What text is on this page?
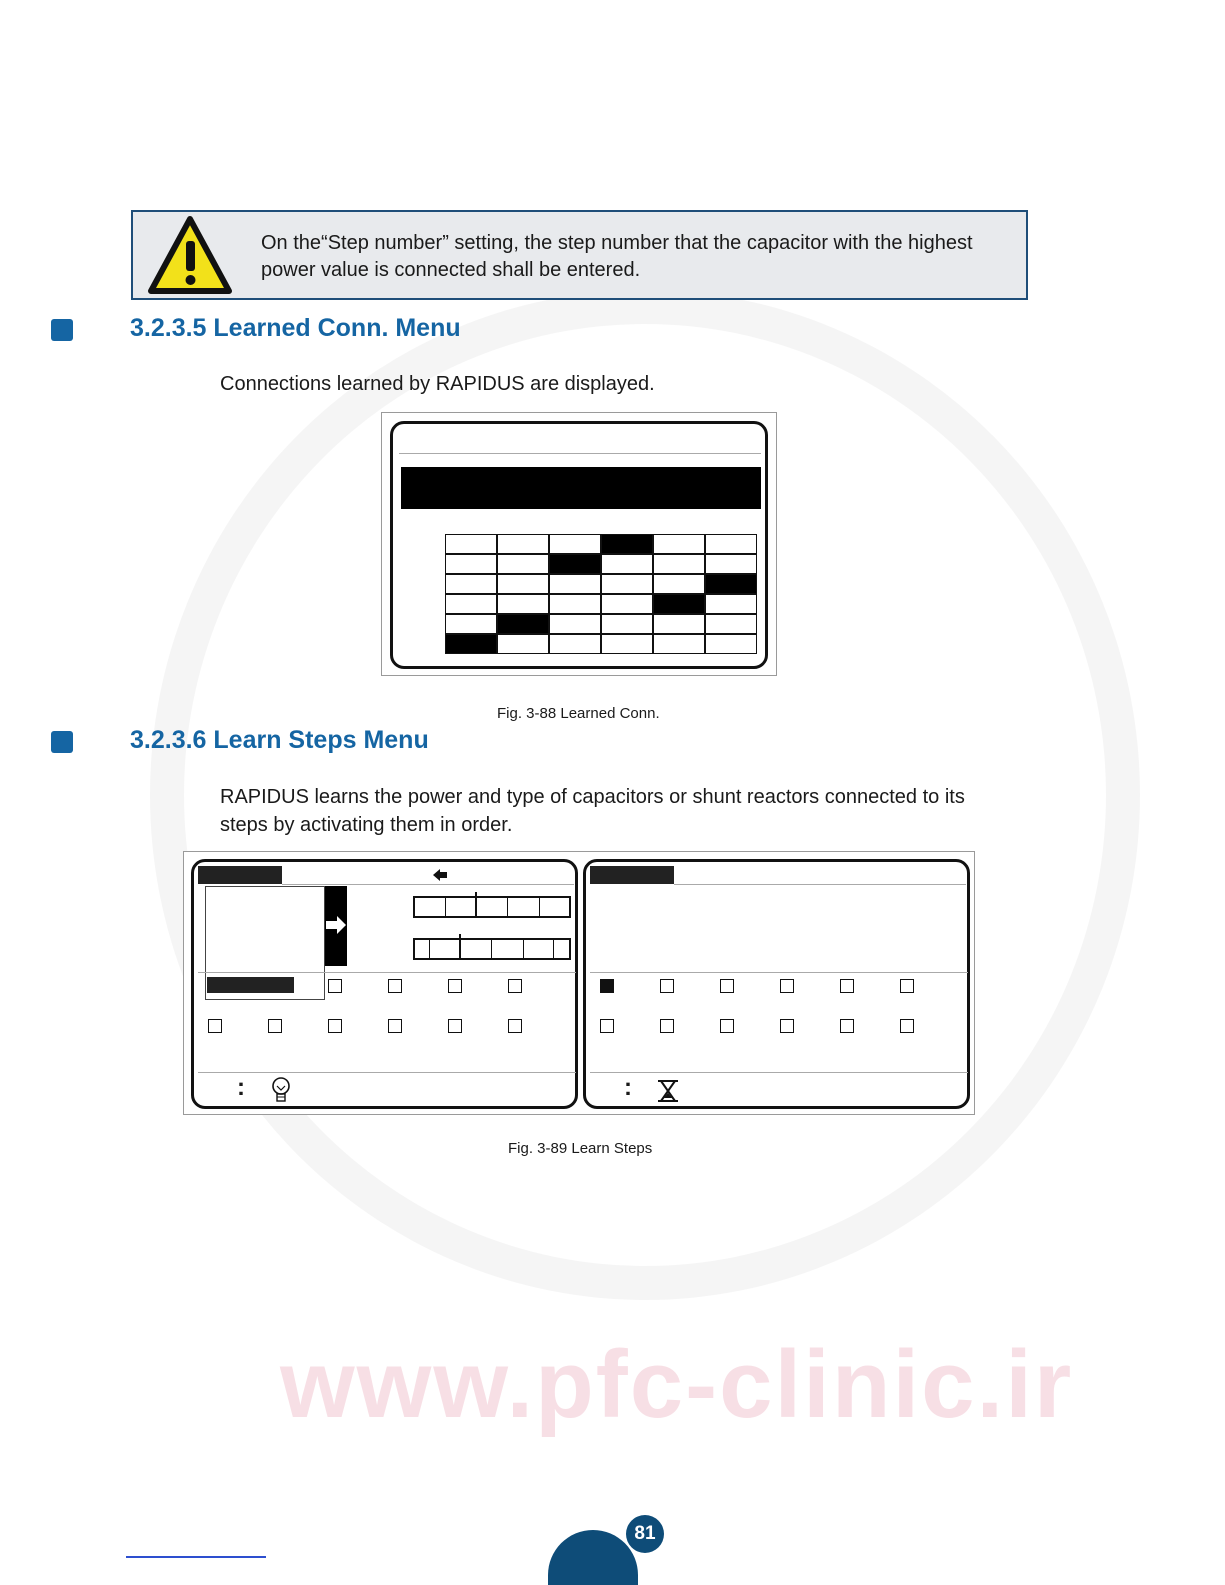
www.pfc-clinic.ir
On the“Step number” setting, the step number that the capacitor with the highest power value is connected shall be entered.
3.2.3.5 Learned Conn. Menu
Connections learned by RAPIDUS are displayed.
Fig. 3-88 Learned Conn.
3.2.3.6 Learn Steps Menu
RAPIDUS learns the power and type of capacitors or shunt reactors connected to its steps by activating them in order.
:	:
Fig. 3-89 Learn Steps
81
